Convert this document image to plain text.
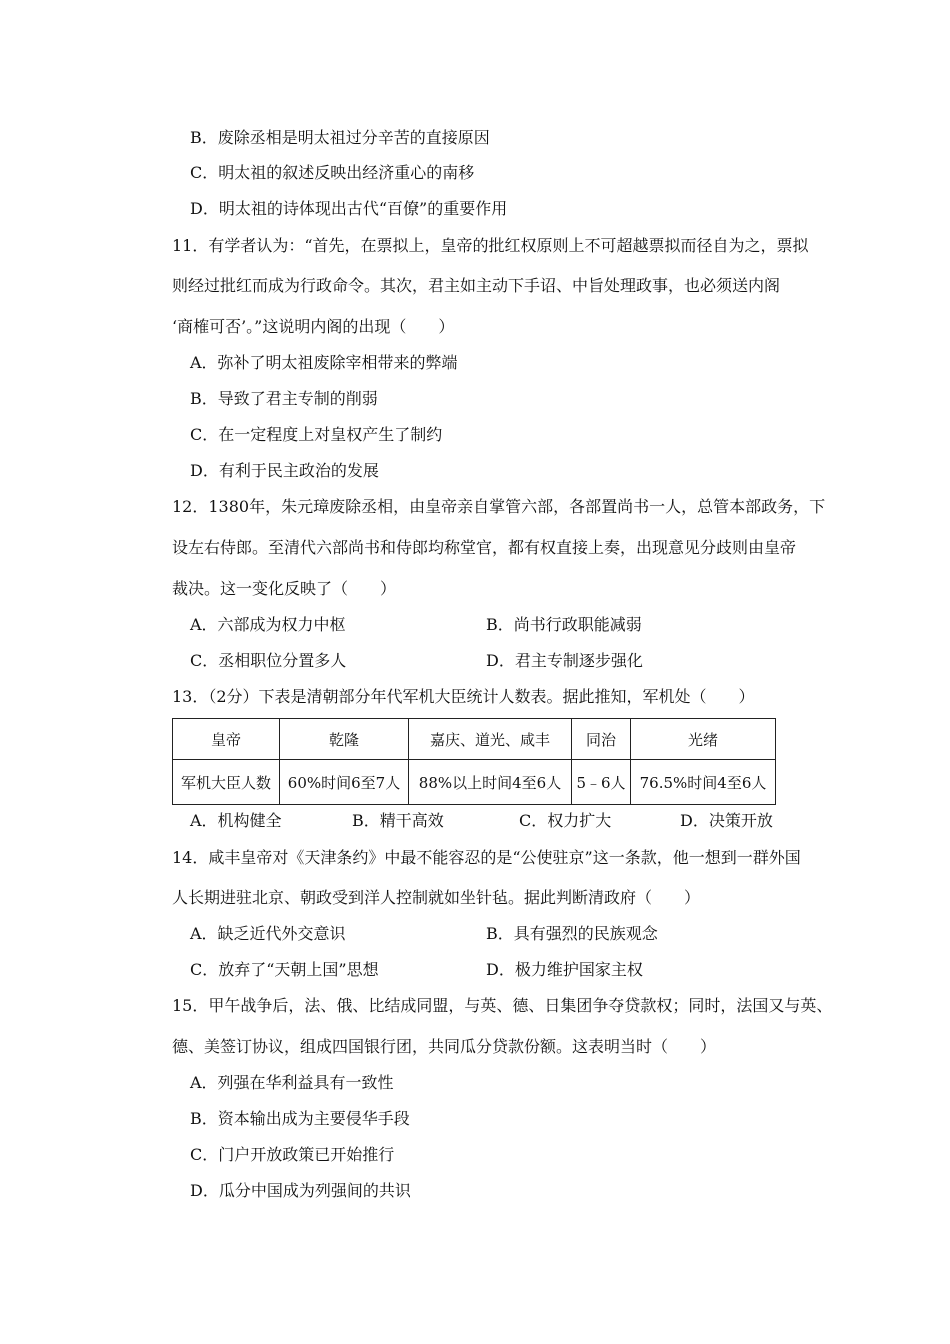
B．废除丞相是明太祖过分辛苦的直接原因
C．明太祖的叙述反映出经济重心的南移
D．明太祖的诗体现出古代“百僚”的重要作用
11．有学者认为：“首先，在票拟上，皇帝的批红权原则上不可超越票拟而径自为之，票拟
则经过批红而成为行政命令。其次，君主如主动下手诏、中旨处理政事，也必须送内阁
‘商榷可否’。”这说明内阁的出现（　　）
A．弥补了明太祖废除宰相带来的弊端
B．导致了君主专制的削弱
C．在一定程度上对皇权产生了制约
D．有利于民主政治的发展
12．1380年，朱元璋废除丞相，由皇帝亲自掌管六部，各部置尚书一人，总管本部政务，下
设左右侍郎。至清代六部尚书和侍郎均称堂官，都有权直接上奏，出现意见分歧则由皇帝
裁决。这一变化反映了（　　）
A．六部成为权力中枢	B．尚书行政职能减弱
C．丞相职位分置多人	D．君主专制逐步强化
13．（2分）下表是清朝部分年代军机大臣统计人数表。据此推知，军机处（　　）
皇帝	乾隆	嘉庆、道光、咸丰	同治	光绪
军机大臣人数	60%时间6至7人	88%以上时间4至6人	5﹣6人	76.5%时间4至6人
A．机构健全	B．精干高效	C．权力扩大	D．决策开放
14．咸丰皇帝对《天津条约》中最不能容忍的是“公使驻京”这一条款，他一想到一群外国
人长期进驻北京、朝政受到洋人控制就如坐针毡。据此判断清政府（　　）
A．缺乏近代外交意识	B．具有强烈的民族观念
C．放弃了“天朝上国”思想	D．极力维护国家主权
15．甲午战争后，法、俄、比结成同盟，与英、德、日集团争夺贷款权；同时，法国又与英、
德、美签订协议，组成四国银行团，共同瓜分贷款份额。这表明当时（　　）
A．列强在华利益具有一致性
B．资本输出成为主要侵华手段
C．门户开放政策已开始推行
D．瓜分中国成为列强间的共识
